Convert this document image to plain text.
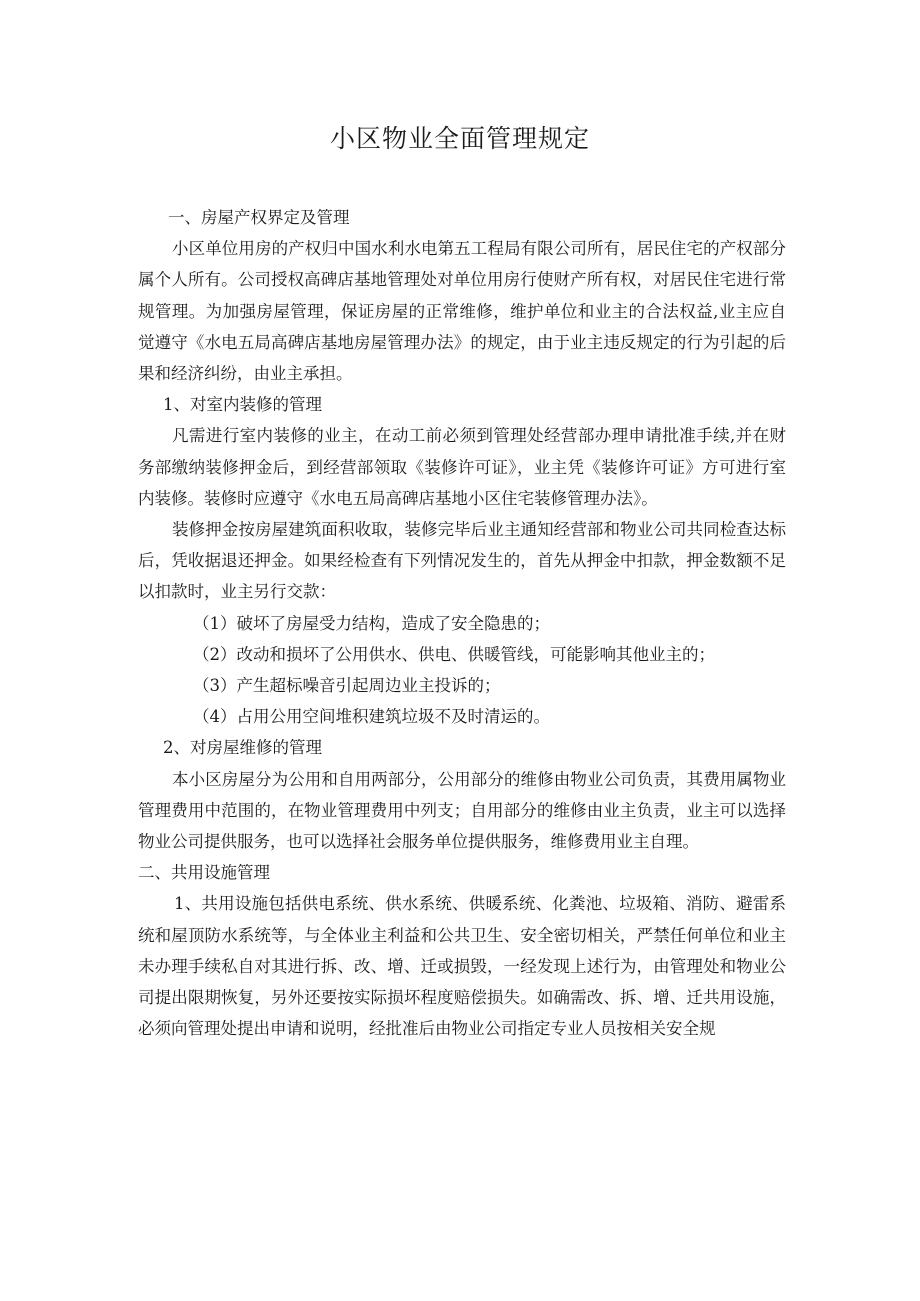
小区物业全面管理规定

一、房屋产权界定及管理

小区单位用房的产权归中国水利水电第五工程局有限公司所有，居民住宅的产权部分属个人所有。公司授权高碑店基地管理处对单位用房行使财产所有权，对居民住宅进行常规管理。为加强房屋管理，保证房屋的正常维修，维护单位和业主的合法权益,业主应自觉遵守《水电五局高碑店基地房屋管理办法》的规定，由于业主违反规定的行为引起的后果和经济纠纷，由业主承担。

1、对室内装修的管理

凡需进行室内装修的业主，在动工前必须到管理处经营部办理申请批准手续,并在财务部缴纳装修押金后，到经营部领取《装修许可证》，业主凭《装修许可证》方可进行室内装修。装修时应遵守《水电五局高碑店基地小区住宅装修管理办法》。

装修押金按房屋建筑面积收取，装修完毕后业主通知经营部和物业公司共同检查达标后，凭收据退还押金。如果经检查有下列情况发生的，首先从押金中扣款，押金数额不足以扣款时，业主另行交款：

（1）破坏了房屋受力结构，造成了安全隐患的；

（2）改动和损坏了公用供水、供电、供暖管线，可能影响其他业主的；

（3）产生超标噪音引起周边业主投诉的；

（4）占用公用空间堆积建筑垃圾不及时清运的。

2、对房屋维修的管理

本小区房屋分为公用和自用两部分，公用部分的维修由物业公司负责，其费用属物业管理费用中范围的，在物业管理费用中列支；自用部分的维修由业主负责，业主可以选择物业公司提供服务，也可以选择社会服务单位提供服务，维修费用业主自理。

二、共用设施管理

1、共用设施包括供电系统、供水系统、供暖系统、化粪池、垃圾箱、消防、避雷系统和屋顶防水系统等，与全体业主利益和公共卫生、安全密切相关，严禁任何单位和业主未办理手续私自对其进行拆、改、增、迁或损毁，一经发现上述行为，由管理处和物业公司提出限期恢复，另外还要按实际损坏程度赔偿损失。如确需改、拆、增、迁共用设施，必须向管理处提出申请和说明，经批准后由物业公司指定专业人员按相关安全规
